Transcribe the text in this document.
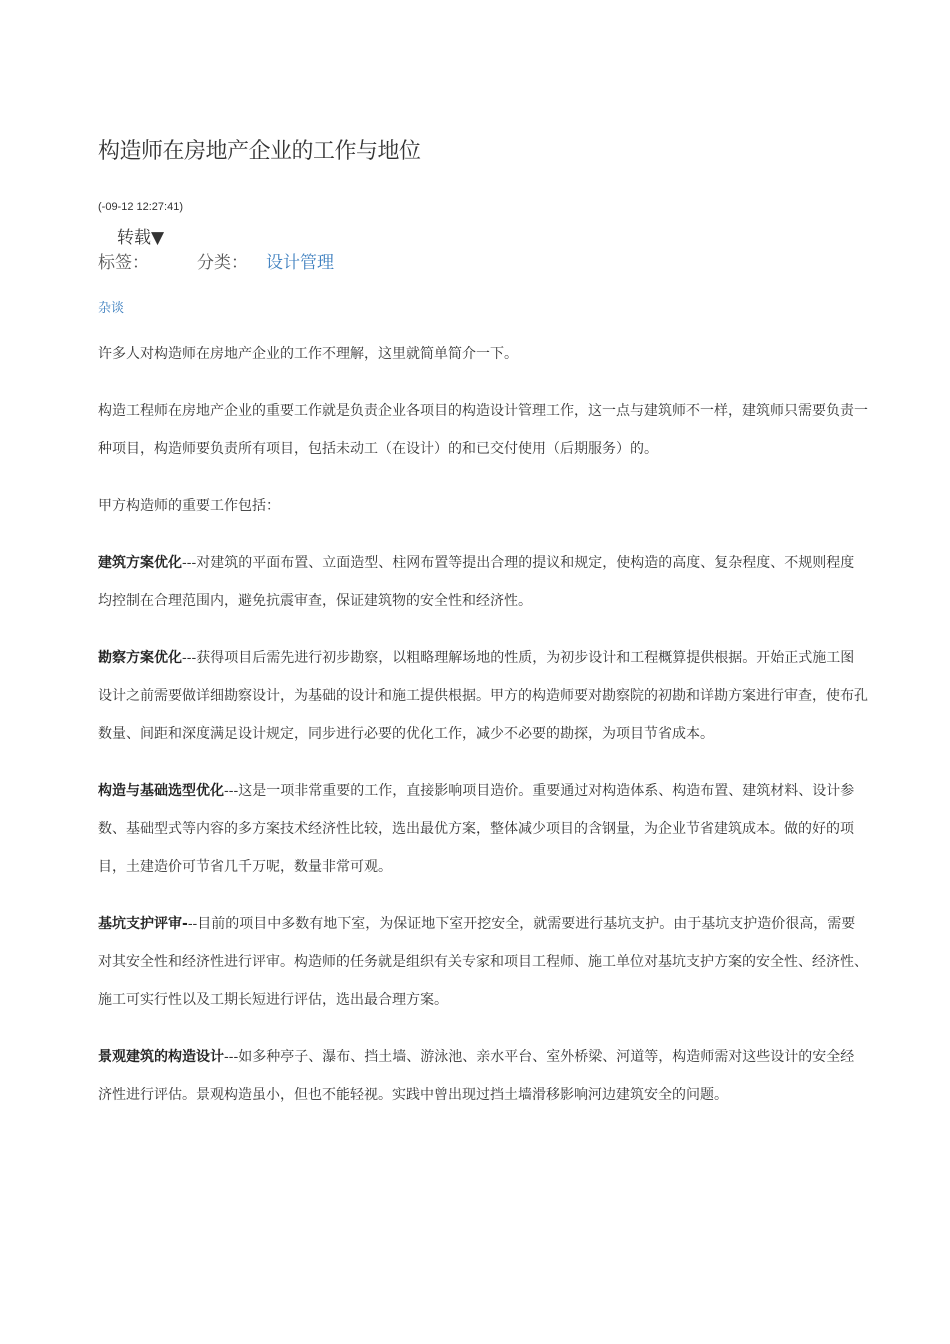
构造师在房地产企业的工作与地位
(-09-12 12:27:41)
转载▼
标签：	分类： 设计管理
杂谈

许多人对构造师在房地产企业的工作不理解，这里就简单简介一下。

构造工程师在房地产企业的重要工作就是负责企业各项目的构造设计管理工作，这一点与建筑师不一样，建筑师只需要负责一种项目，构造师要负责所有项目，包括未动工（在设计）的和已交付使用（后期服务）的。

甲方构造师的重要工作包括：

建筑方案优化---对建筑的平面布置、立面造型、柱网布置等提出合理的提议和规定，使构造的高度、复杂程度、不规则程度均控制在合理范围内，避免抗震审查，保证建筑物的安全性和经济性。

勘察方案优化---获得项目后需先进行初步勘察，以粗略理解场地的性质，为初步设计和工程概算提供根据。开始正式施工图设计之前需要做详细勘察设计，为基础的设计和施工提供根据。甲方的构造师要对勘察院的初勘和详勘方案进行审查，使布孔数量、间距和深度满足设计规定，同步进行必要的优化工作，减少不必要的勘探，为项目节省成本。

构造与基础选型优化---这是一项非常重要的工作，直接影响项目造价。重要通过对构造体系、构造布置、建筑材料、设计参数、基础型式等内容的多方案技术经济性比较，选出最优方案，整体减少项目的含钢量，为企业节省建筑成本。做的好的项目，土建造价可节省几千万呢，数量非常可观。

基坑支护评审---目前的项目中多数有地下室，为保证地下室开挖安全，就需要进行基坑支护。由于基坑支护造价很高，需要对其安全性和经济性进行评审。构造师的任务就是组织有关专家和项目工程师、施工单位对基坑支护方案的安全性、经济性、施工可实行性以及工期长短进行评估，选出最合理方案。

景观建筑的构造设计---如多种亭子、瀑布、挡土墙、游泳池、亲水平台、室外桥梁、河道等，构造师需对这些设计的安全经济性进行评估。景观构造虽小，但也不能轻视。实践中曾出现过挡土墙滑移影响河边建筑安全的问题。
